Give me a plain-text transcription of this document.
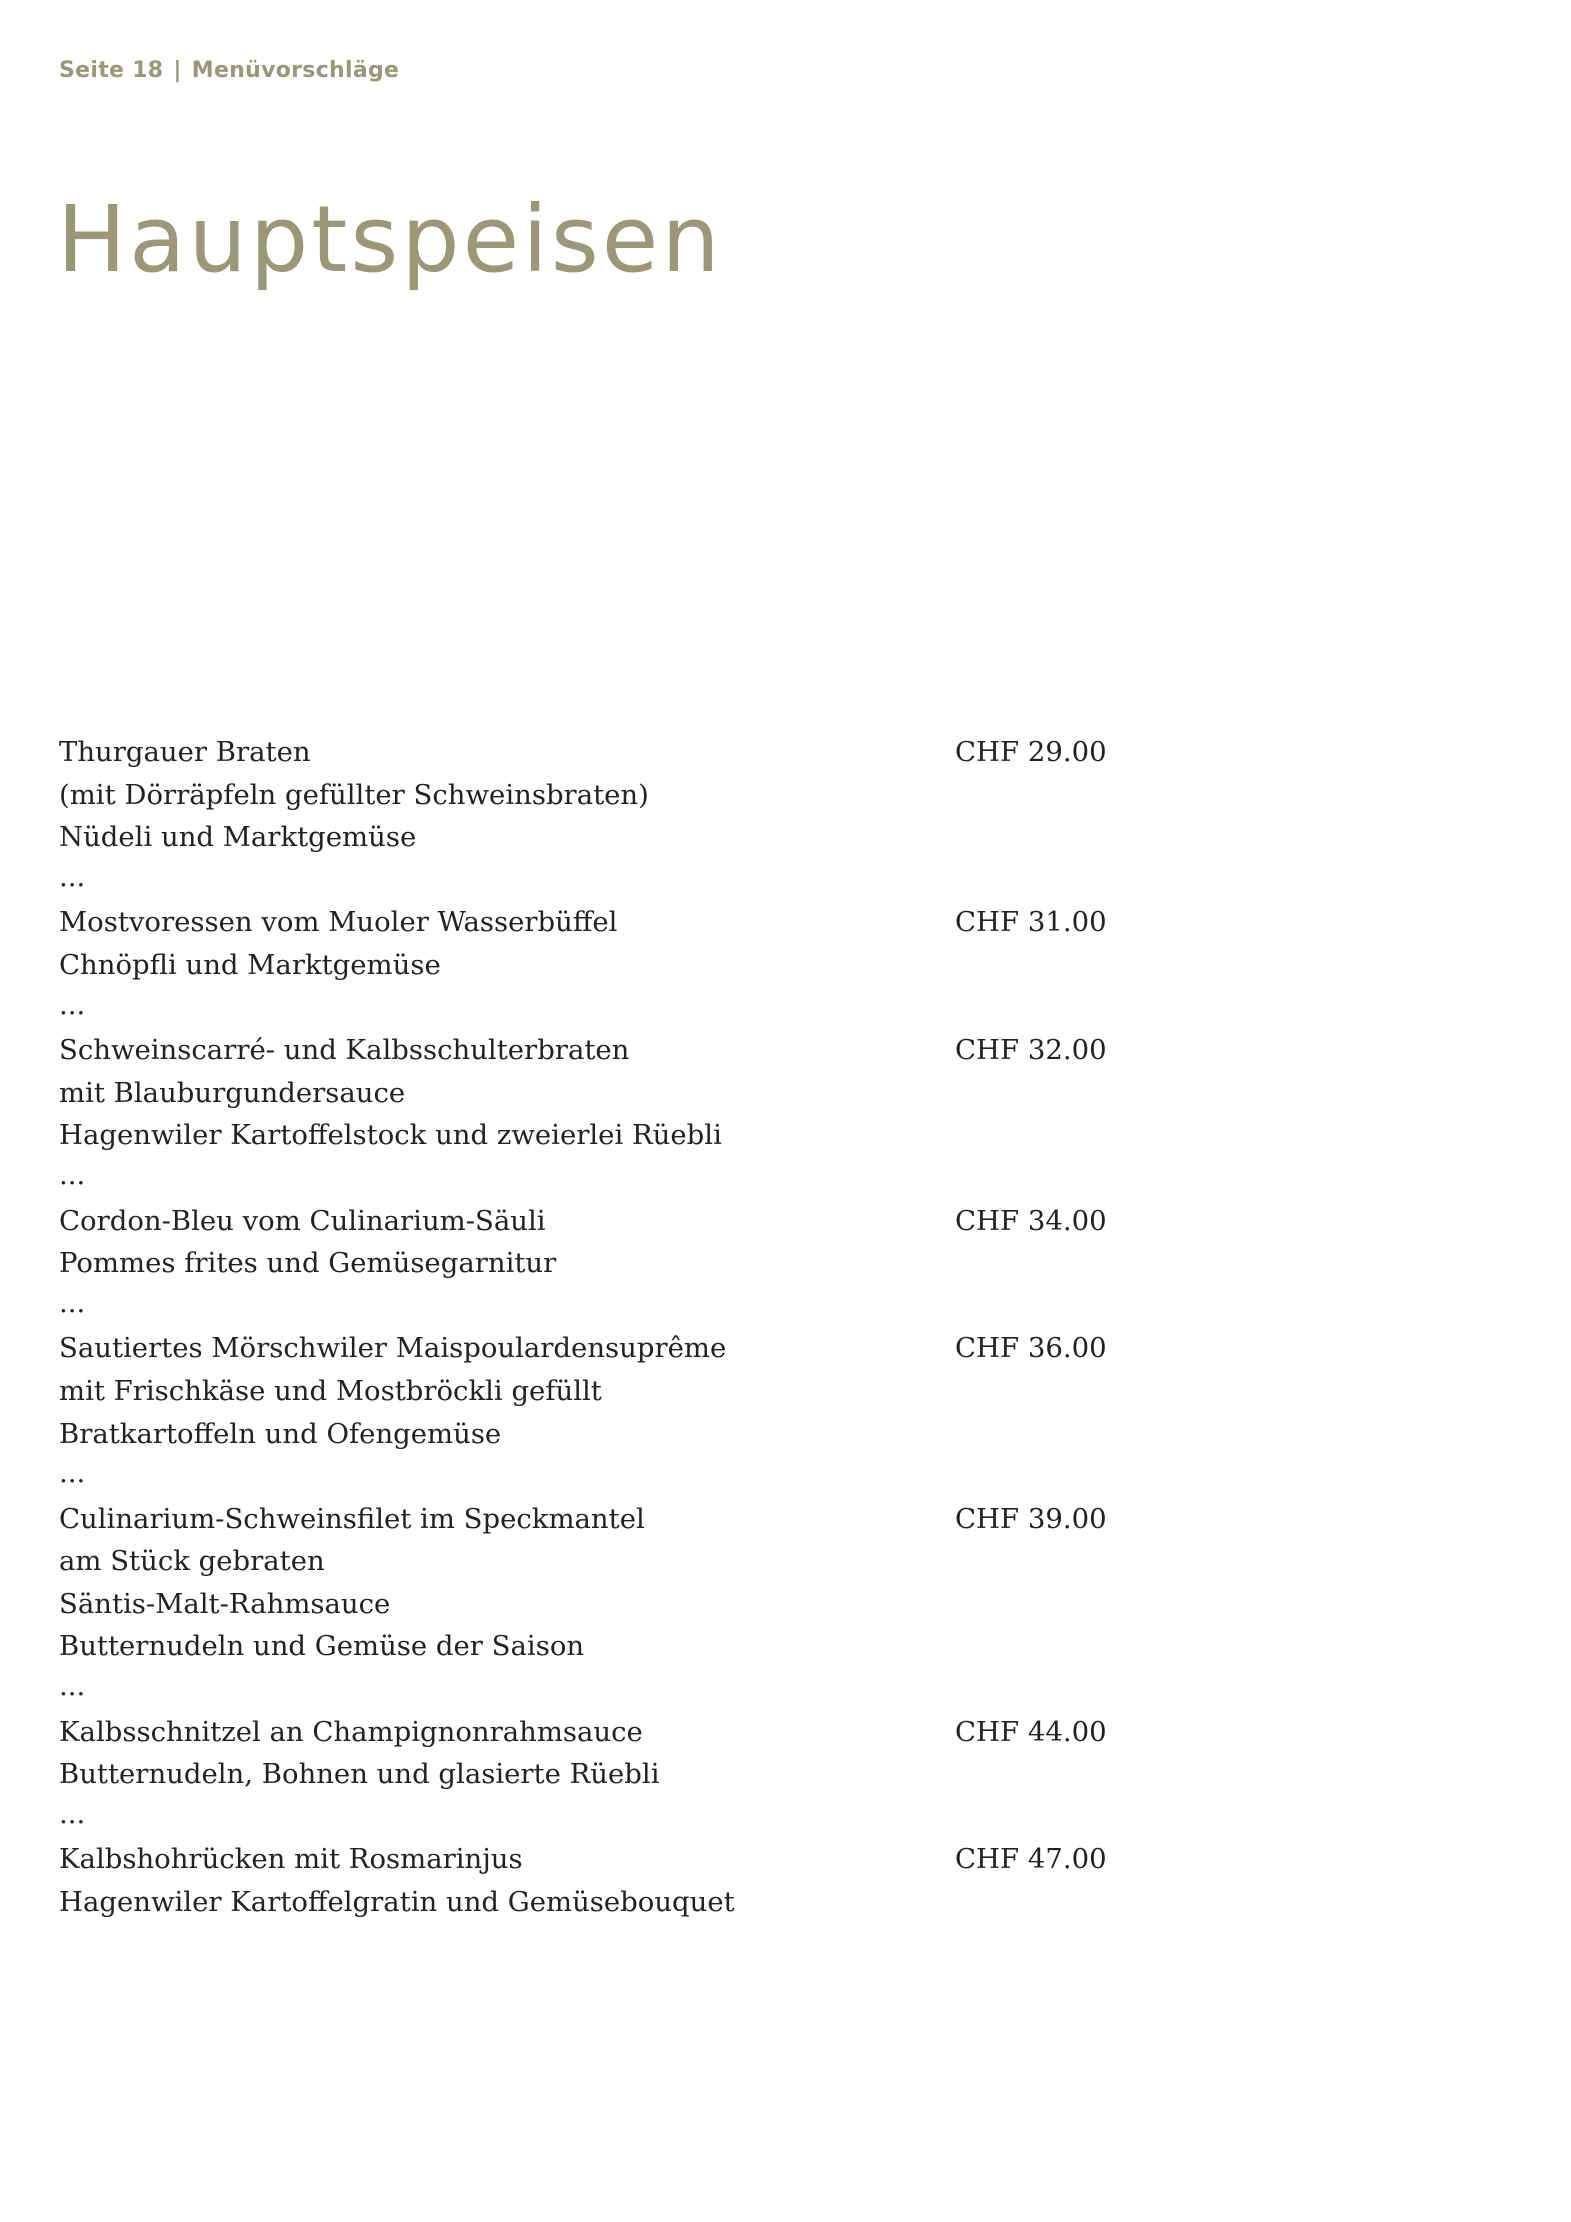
Seite 18 | Menüvorschläge
Hauptspeisen
Thurgauer Braten
(mit Dörräpfeln gefüllter Schweinsbraten)
Nüdeli und Marktgemüse
CHF 29.00
...
Mostvoressen vom Muoler Wasserbüffel
Chnöpfli und Marktgemüse
CHF 31.00
...
Schweinscarré- und Kalbsschulterbraten
mit Blauburgundersauce
Hagenwiler Kartoffelstock und zweierlei Rüebli
CHF 32.00
...
Cordon-Bleu vom Culinarium-Säuli
Pommes frites und Gemüsegarnitur
CHF 34.00
...
Sautiertes Mörschwiler Maispoulardensuprême
mit Frischkäse und Mostbröckli gefüllt
Bratkartoffeln und Ofengemüse
CHF 36.00
...
Culinarium-Schweinsfilet im Speckmantel
am Stück gebraten
Säntis-Malt-Rahmsauce
Butternudeln und Gemüse der Saison
CHF 39.00
...
Kalbsschnitzel an Champignonrahmsauce
Butternudeln, Bohnen und glasierte Rüebli
CHF 44.00
...
Kalbshohrücken mit Rosmarinjus
Hagenwiler Kartoffelgratin und Gemüsebouquet
CHF 47.00
